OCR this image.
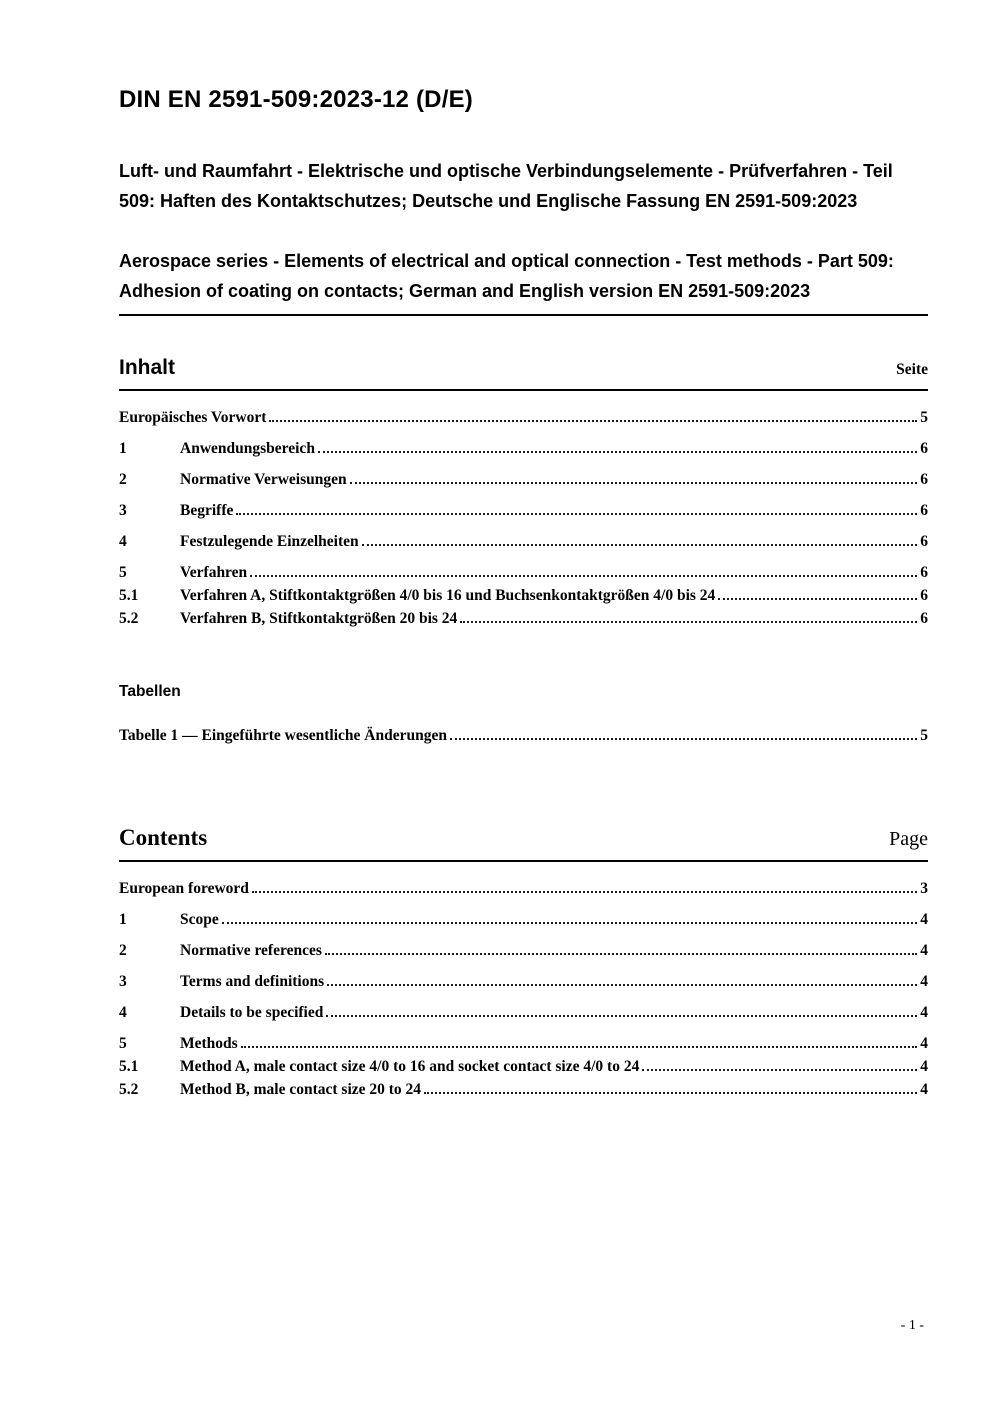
DIN EN 2591-509:2023-12 (D/E)
Luft- und Raumfahrt - Elektrische und optische Verbindungselemente - Prüfverfahren - Teil 509: Haften des Kontaktschutzes; Deutsche und Englische Fassung EN 2591-509:2023
Aerospace series - Elements of electrical and optical connection - Test methods - Part 509: Adhesion of coating on contacts; German and English version EN 2591-509:2023
Inhalt	Seite
Europäisches Vorwort	5
1	Anwendungsbereich	6
2	Normative Verweisungen	6
3	Begriffe	6
4	Festzulegende Einzelheiten	6
5	Verfahren	6
5.1	Verfahren A, Stiftkontaktgrößen 4/0 bis 16 und Buchsenkontaktgrößen 4/0 bis 24	6
5.2	Verfahren B, Stiftkontaktgrößen 20 bis 24	6
Tabellen
Tabelle 1 — Eingeführte wesentliche Änderungen	5
Contents	Page
European foreword	3
1	Scope	4
2	Normative references	4
3	Terms and definitions	4
4	Details to be specified	4
5	Methods	4
5.1	Method A, male contact size 4/0 to 16 and socket contact size 4/0 to 24	4
5.2	Method B, male contact size 20 to 24	4
- 1 -
